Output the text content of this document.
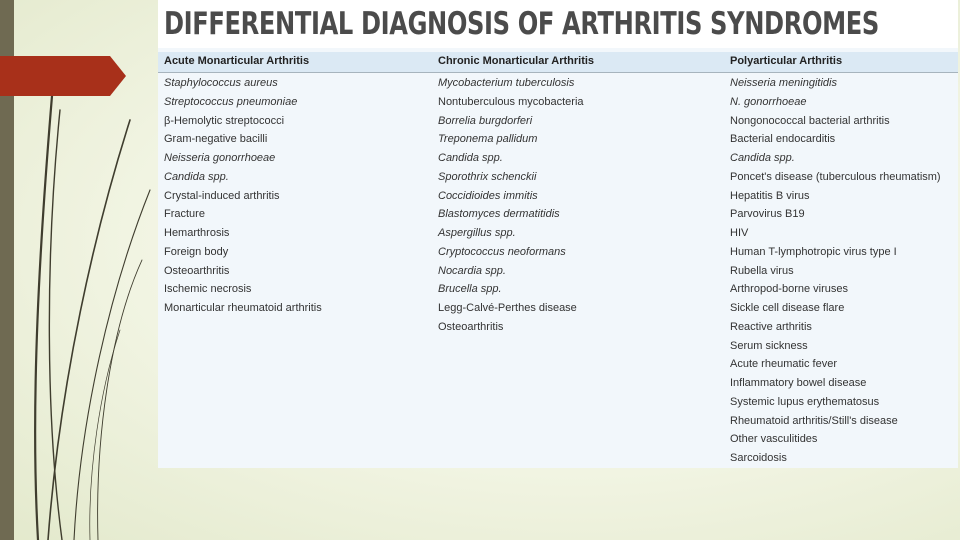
DIFFERENTIAL DIAGNOSIS OF ARTHRITIS SYNDROMES
Acute Monarticular Arthritis	Chronic Monarticular Arthritis	Polyarticular Arthritis
Staphylococcus aureus
Streptococcus pneumoniae
β-Hemolytic streptococci
Gram-negative bacilli
Neisseria gonorrhoeae
Candida spp.
Crystal-induced arthritis
Fracture
Hemarthrosis
Foreign body
Osteoarthritis
Ischemic necrosis
Monarticular rheumatoid arthritis
Mycobacterium tuberculosis
Nontuberculous mycobacteria
Borrelia burgdorferi
Treponema pallidum
Candida spp.
Sporothrix schenckii
Coccidioides immitis
Blastomyces dermatitidis
Aspergillus spp.
Cryptococcus neoformans
Nocardia spp.
Brucella spp.
Legg-Calvé-Perthes disease
Osteoarthritis
Neisseria meningitidis
N. gonorrhoeae
Nongonococcal bacterial arthritis
Bacterial endocarditis
Candida spp.
Poncet's disease (tuberculous rheumatism)
Hepatitis B virus
Parvovirus B19
HIV
Human T-lymphotropic virus type I
Rubella virus
Arthropod-borne viruses
Sickle cell disease flare
Reactive arthritis
Serum sickness
Acute rheumatic fever
Inflammatory bowel disease
Systemic lupus erythematosus
Rheumatoid arthritis/Still's disease
Other vasculitides
Sarcoidosis
